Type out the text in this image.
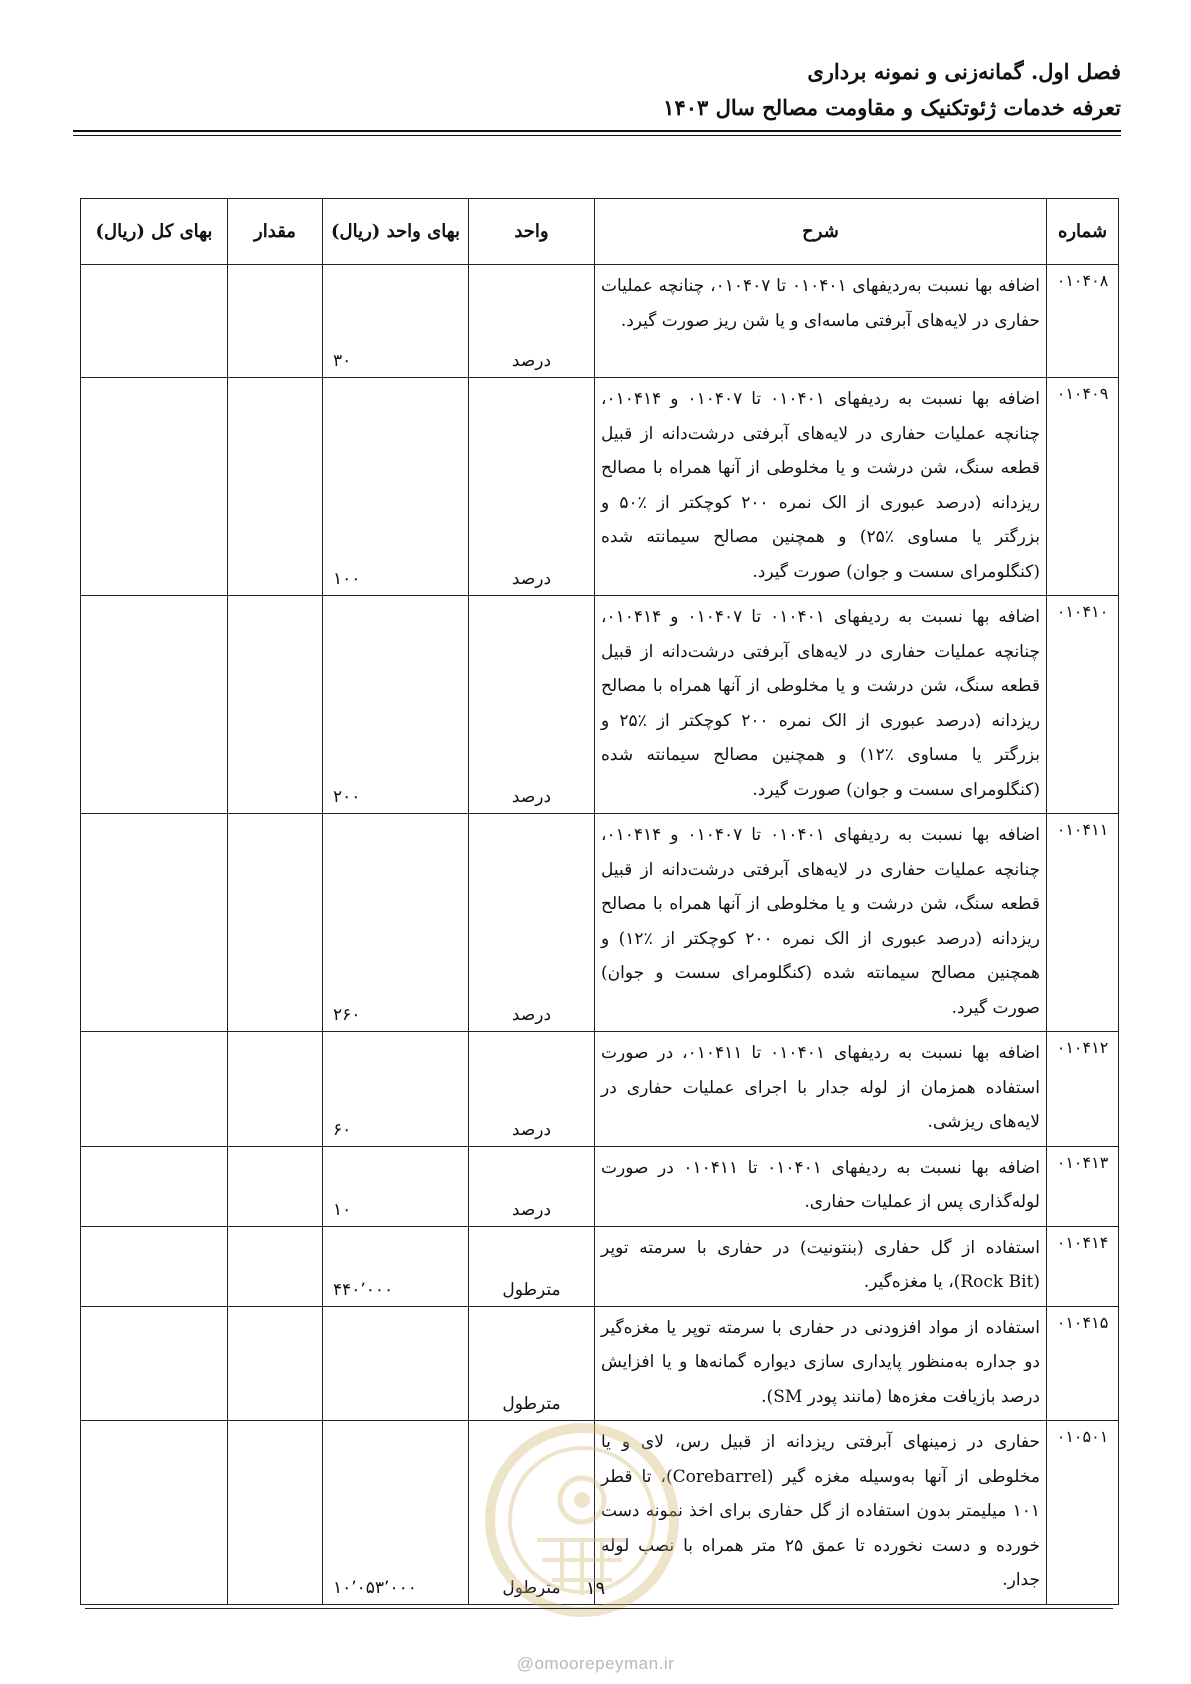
فصل اول. گمانه‌زنی و نمونه برداری
تعرفه خدمات ژئوتکنیک و مقاومت مصالح سال ۱۴۰۳
شماره	شرح	واحد	بهای واحد (ریال)	مقدار	بهای کل (ریال)
۰۱۰۴۰۸	اضافه بها نسبت به‌ردیفهای ۰۱۰۴۰۱ تا ۰۱۰۴۰۷، چنانچه عملیات حفاری در لایه‌های آبرفتی ماسه‌ای و یا شن ریز صورت گیرد.	درصد	۳۰		
۰۱۰۴۰۹	اضافه بها نسبت به ردیفهای ۰۱۰۴۰۱ تا ۰۱۰۴۰۷ و ۰۱۰۴۱۴، چنانچه عملیات حفاری در لایه‌های آبرفتی درشت‌دانه از قبیل قطعه سنگ، شن درشت و یا مخلوطی از آنها همراه با مصالح ریزدانه (درصد عبوری از الک نمره ۲۰۰ کوچکتر از ٪۵۰ و بزرگتر یا مساوی ٪۲۵) و همچنین مصالح سیمانته شده (کنگلومرای سست و جوان) صورت گیرد.	درصد	۱۰۰		
۰۱۰۴۱۰	اضافه بها نسبت به ردیفهای ۰۱۰۴۰۱ تا ۰۱۰۴۰۷ و ۰۱۰۴۱۴، چنانچه عملیات حفاری در لایه‌های آبرفتی درشت‌دانه از قبیل قطعه سنگ، شن درشت و یا مخلوطی از آنها همراه با مصالح ریزدانه (درصد عبوری از الک نمره ۲۰۰ کوچکتر از ٪۲۵ و بزرگتر یا مساوی ٪۱۲) و همچنین مصالح سیمانته شده (کنگلومرای سست و جوان) صورت گیرد.	درصد	۲۰۰		
۰۱۰۴۱۱	اضافه بها نسبت به ردیفهای ۰۱۰۴۰۱ تا ۰۱۰۴۰۷ و ۰۱۰۴۱۴، چنانچه عملیات حفاری در لایه‌های آبرفتی درشت‌دانه از قبیل قطعه سنگ، شن درشت و یا مخلوطی از آنها همراه با مصالح ریزدانه (درصد عبوری از الک نمره ۲۰۰ کوچکتر از ٪۱۲) و همچنین مصالح سیمانته شده (کنگلومرای سست و جوان) صورت گیرد.	درصد	۲۶۰		
۰۱۰۴۱۲	اضافه بها نسبت به ردیفهای ۰۱۰۴۰۱ تا ۰۱۰۴۱۱، در صورت استفاده همزمان از لوله جدار با اجرای عملیات حفاری در لایه‌های ریزشی.	درصد	۶۰		
۰۱۰۴۱۳	اضافه بها نسبت به ردیفهای ۰۱۰۴۰۱ تا ۰۱۰۴۱۱ در صورت لوله‌گذاری پس از عملیات حفاری.	درصد	۱۰		
۰۱۰۴۱۴	استفاده از گل حفاری (بنتونیت) در حفاری با سرمته توپر (Rock Bit)، یا مغزه‌گیر.	مترطول	۴۴۰٬۰۰۰		
۰۱۰۴۱۵	استفاده از مواد افزودنی در حفاری با سرمته توپر یا مغزه‌گیر دو جداره به‌منظور پایداری سازی دیواره گمانه‌ها و یا افزایش درصد بازیافت مغزه‌ها (مانند پودر SM).	مترطول			
۰۱۰۵۰۱	حفاری در زمینهای آبرفتی ریزدانه از قبیل رس، لای و یا مخلوطی از آنها به‌وسیله مغزه گیر (Corebarrel)، تا قطر ۱۰۱ میلیمتر بدون استفاده از گل حفاری برای اخذ نمونه دست خورده و دست نخورده تا عمق ۲۵ متر همراه با نصب لوله جدار.	مترطول	۱۰٬۰۵۳٬۰۰۰			۱۹
@omoorepeyman.ir
